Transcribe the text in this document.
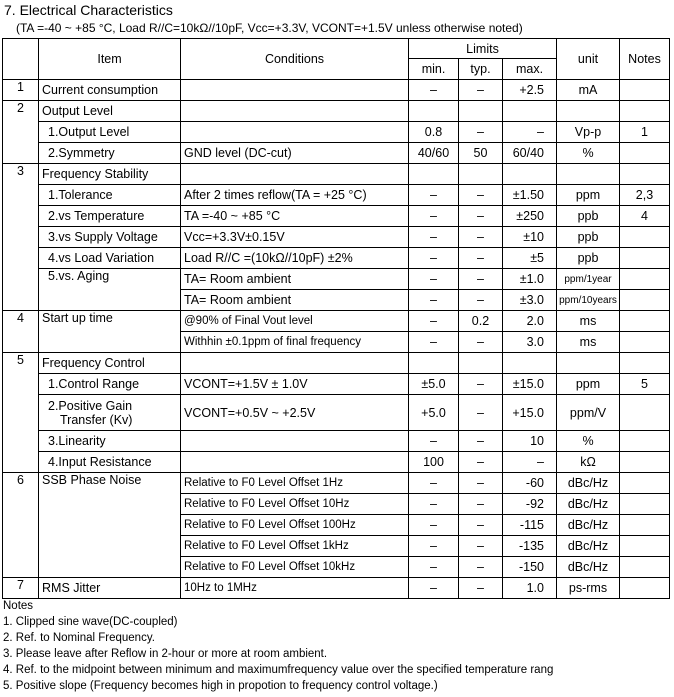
7. Electrical Characteristics
(TA =-40 ~ +85 °C, Load R//C=10kΩ//10pF, Vcc=+3.3V, VCONT=+1.5V unless otherwise noted)
	Item	Conditions	Limits			unit	Notes
			min.	typ.	max.		
1	Current consumption		–	–	+2.5	mA	
2	Output Level						

	1.Output Level		0.8	–	–	Vp-p	1

	2.Symmetry	GND level (DC-cut)	40/60	50	60/40	%	
3	Frequency Stability						

	1.Tolerance	After 2 times reflow(TA = +25 °C)	–	–	±1.50	ppm	2,3

	2.vs Temperature	TA =-40 ~ +85 °C	–	–	±250	ppb	4

	3.vs Supply Voltage	Vcc=+3.3V±0.15V	–	–	±10	ppb	

	4.vs Load Variation	Load R//C =(10kΩ//10pF) ±2%	–	–	±5	ppb	

	5.vs. Aging	TA= Room ambient	–	–	±1.0	ppm/1year	
		TA= Room ambient	–	–	±3.0	ppm/10years	
4	Start up time	@90% of Final Vout level	–	0.2	2.0	ms	
		Withhin ±0.1ppm of final frequency	–	–	3.0	ms	
5	Frequency Control						

	1.Control Range	VCONT=+1.5V ± 1.0V	±5.0	–	±15.0	ppm	5

	2.Positive Gain
Transfer (Kv)	VCONT=+0.5V ~ +2.5V	+5.0	–	+15.0	ppm/V	

	3.Linearity		–	–	10	%	

	4.Input Resistance		100	–	–	kΩ	
6	SSB Phase Noise	Relative to F0 Level Offset 1Hz	–	–	-60	dBc/Hz	
		Relative to F0 Level Offset 10Hz	–	–	-92	dBc/Hz	
		Relative to F0 Level Offset 100Hz	–	–	-115	dBc/Hz	
		Relative to F0 Level Offset 1kHz	–	–	-135	dBc/Hz	
		Relative to F0 Level Offset 10kHz	–	–	-150	dBc/Hz	
7	RMS Jitter	10Hz to 1MHz	–	–	1.0	ps-rms	
Notes
1. Clipped sine wave(DC-coupled)
2. Ref. to Nominal Frequency.
3. Please leave after Reflow in 2-hour or more at room ambient.
4. Ref. to the midpoint between minimum and maximumfrequency value over the specified temperature rang
5. Positive slope (Frequency becomes high in propotion to frequency control voltage.)
